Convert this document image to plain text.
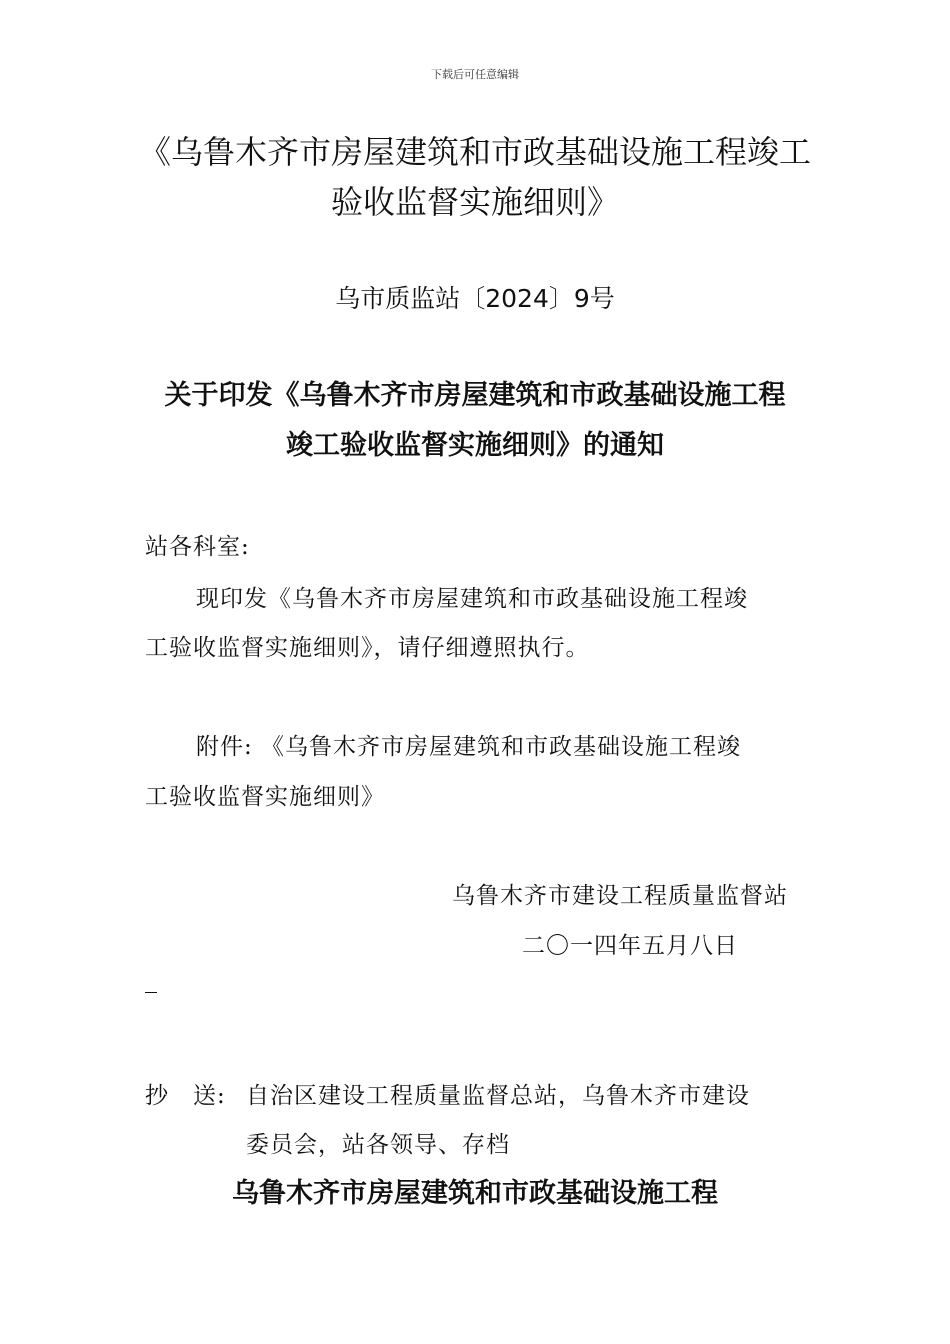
下载后可任意编辑
《乌鲁木齐市房屋建筑和市政基础设施工程竣工
验收监督实施细则》
乌市质监站〔2024〕9号
关于印发《乌鲁木齐市房屋建筑和市政基础设施工程
竣工验收监督实施细则》的通知
站各科室:
现印发《乌鲁木齐市房屋建筑和市政基础设施工程竣
工验收监督实施细则》，请仔细遵照执行。
附件: 《乌鲁木齐市房屋建筑和市政基础设施工程竣
工验收监督实施细则》
乌鲁木齐市建设工程质量监督站
二〇一四年五月八日
抄　送: 自治区建设工程质量监督总站，乌鲁木齐市建设
委员会，站各领导、存档
乌鲁木齐市房屋建筑和市政基础设施工程
